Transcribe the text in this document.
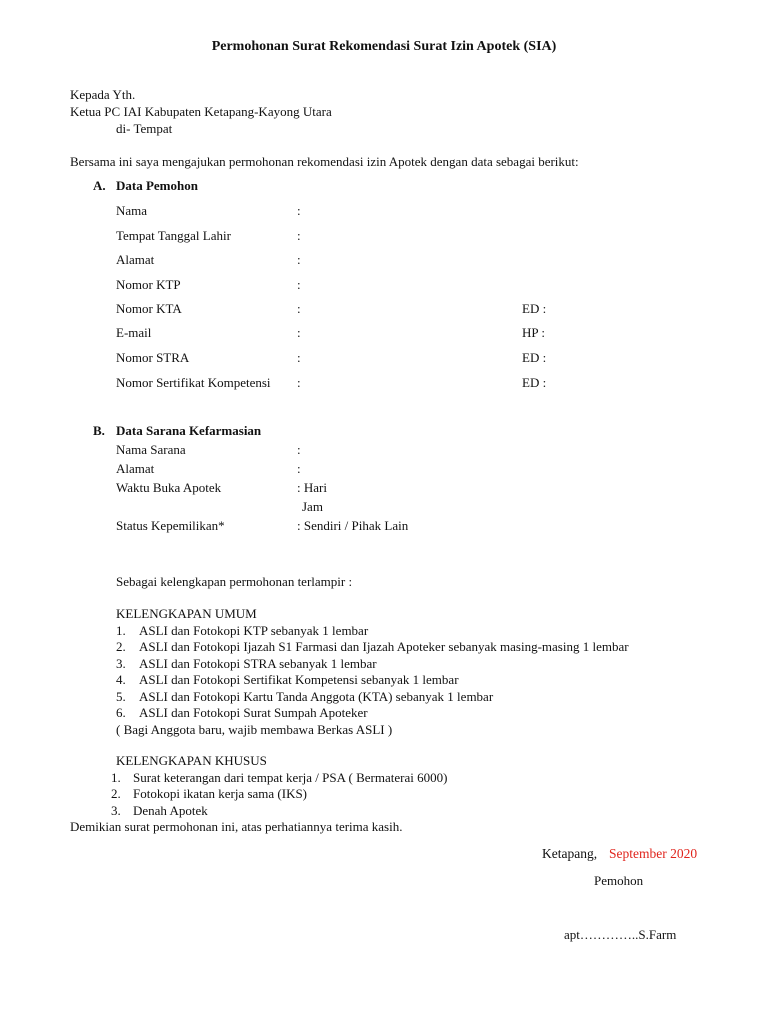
Permohonan Surat Rekomendasi Surat Izin Apotek (SIA)
Kepada Yth.
Ketua PC IAI Kabupaten Ketapang-Kayong Utara
di- Tempat
Bersama ini saya mengajukan permohonan rekomendasi izin Apotek dengan data sebagai berikut:
A. Data Pemohon
Nama	:
Tempat Tanggal Lahir	:
Alamat	:
Nomor KTP	:
Nomor KTA	:	ED :
E-mail	:	HP :
Nomor STRA	:	ED :
Nomor Sertifikat Kompetensi :	ED :
B. Data Sarana Kefarmasian
Nama Sarana	:
Alamat	:
Waktu Buka Apotek	: Hari
Jam
Status Kepemilikan*	: Sendiri / Pihak Lain
Sebagai kelengkapan permohonan terlampir :
KELENGKAPAN UMUM
1. ASLI dan Fotokopi KTP sebanyak 1 lembar
2. ASLI dan Fotokopi Ijazah S1 Farmasi dan Ijazah Apoteker sebanyak masing-masing 1 lembar
3. ASLI dan Fotokopi STRA sebanyak 1 lembar
4. ASLI dan Fotokopi Sertifikat Kompetensi sebanyak 1 lembar
5. ASLI dan Fotokopi Kartu Tanda Anggota (KTA) sebanyak 1 lembar
6. ASLI dan Fotokopi Surat Sumpah Apoteker
( Bagi Anggota baru, wajib membawa Berkas ASLI )
KELENGKAPAN KHUSUS
1. Surat keterangan dari tempat kerja / PSA ( Bermaterai 6000)
2. Fotokopi ikatan kerja sama (IKS)
3. Denah Apotek
Demikian surat permohonan ini, atas perhatiannya terima kasih.
Ketapang, September 2020
Pemohon
apt…………..S.Farm
